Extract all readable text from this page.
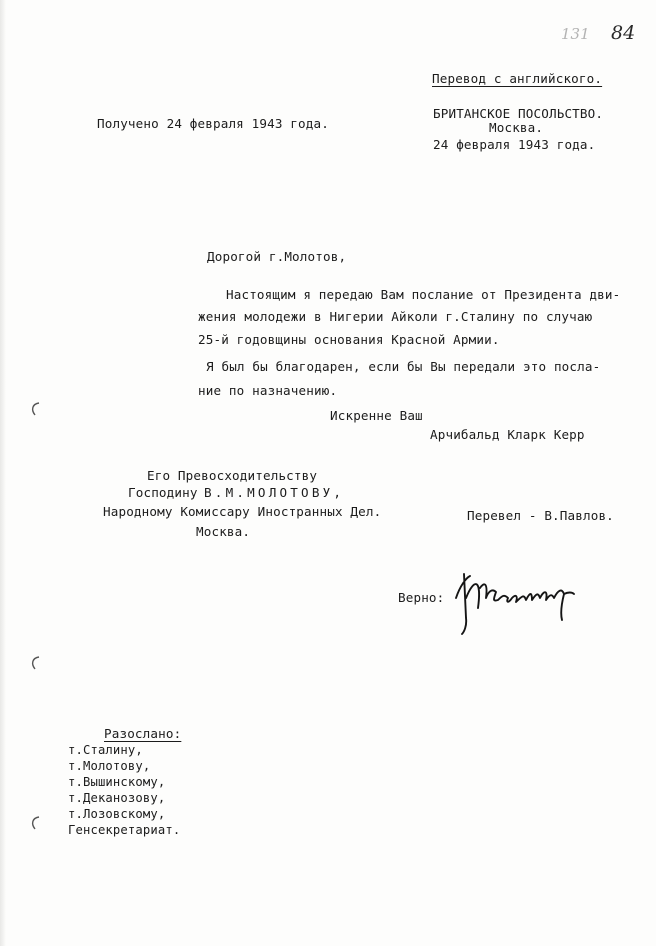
131 84
Перевод с английского.
Получено 24 февраля 1943 года.
БРИТАНСКОЕ ПОСОЛЬСТВО.
Москва.
24 февраля 1943 года.
Дорогой г.Молотов,
Настоящим я передаю Вам послание от Президента дви-
жения молодежи в Нигерии Айколи г.Сталину по случаю
25-й годовщины основания Красной Армии.
Я был бы благодарен, если бы Вы передали это посла-
ние по назначению.
Искренне Ваш
Арчибальд Кларк Керр
Его Превосходительству
Господину В.М.МОЛОТОВУ,
Народному Комиссару Иностранных Дел.
Москва.
Перевел - В.Павлов.
Верно:
Разослано:
т.Сталину,
т.Молотову,
т.Вышинскому,
т.Деканозову,
т.Лозовскому,
Генсекретариат.
